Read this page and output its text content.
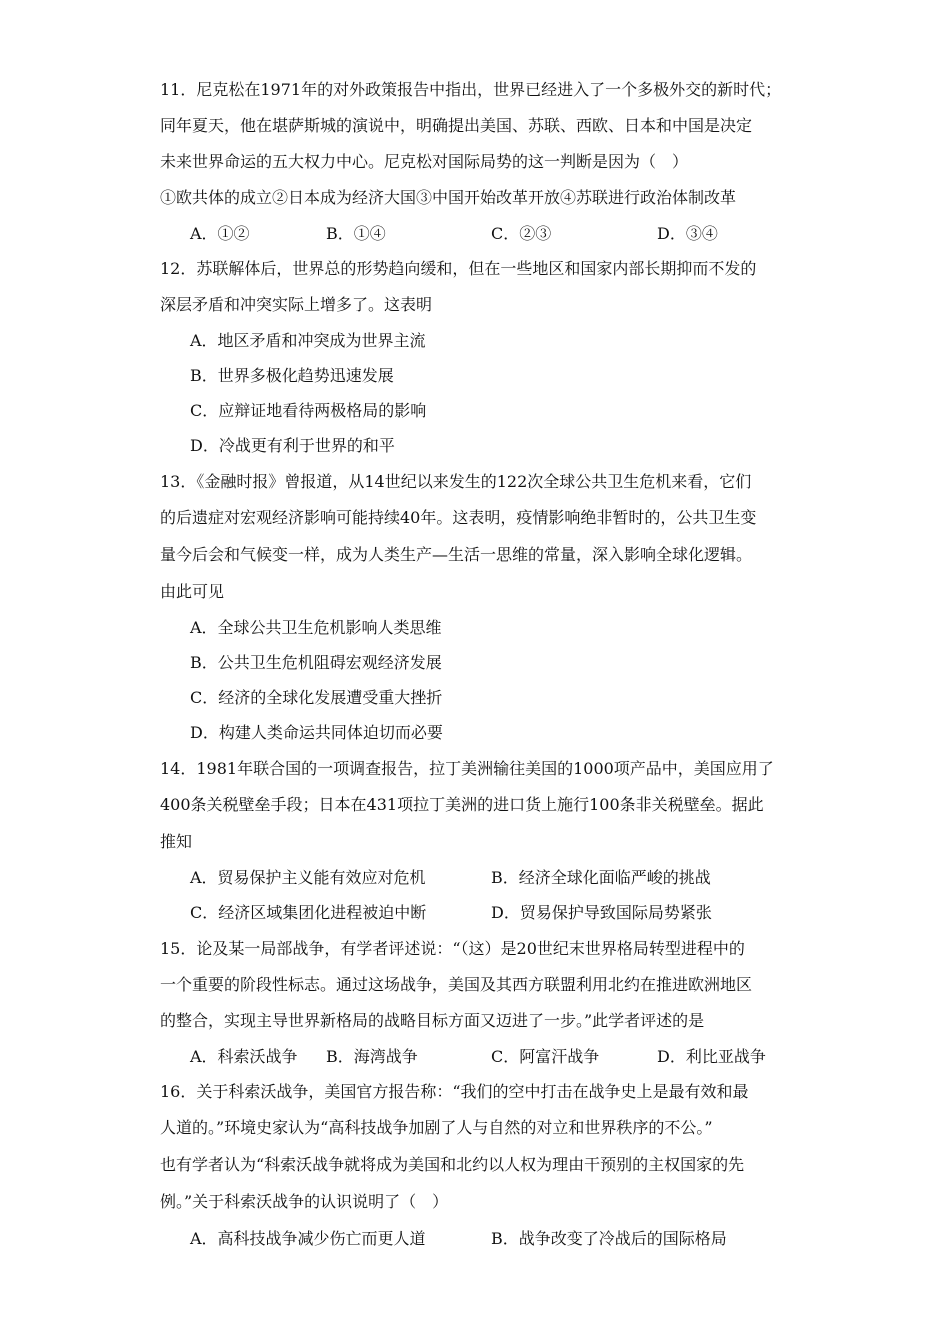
11．尼克松在1971年的对外政策报告中指出，世界已经进入了一个多极外交的新时代；
同年夏天，他在堪萨斯城的演说中，明确提出美国、苏联、西欧、日本和中国是决定
未来世界命运的五大权力中心。尼克松对国际局势的这一判断是因为（　）
①欧共体的成立②日本成为经济大国③中国开始改革开放④苏联进行政治体制改革
A．①②	B．①④	C．②③	D．③④
12．苏联解体后，世界总的形势趋向缓和，但在一些地区和国家内部长期抑而不发的
深层矛盾和冲突实际上增多了。这表明
A．地区矛盾和冲突成为世界主流
B．世界多极化趋势迅速发展
C．应辩证地看待两极格局的影响
D．冷战更有利于世界的和平
13．《金融时报》曾报道，从14世纪以来发生的122次全球公共卫生危机来看，它们
的后遗症对宏观经济影响可能持续40年。这表明，疫情影响绝非暂时的，公共卫生变
量今后会和气候变一样，成为人类生产—生活一思维的常量，深入影响全球化逻辑。
由此可见
A．全球公共卫生危机影响人类思维
B．公共卫生危机阻碍宏观经济发展
C．经济的全球化发展遭受重大挫折
D．构建人类命运共同体迫切而必要
14．1981年联合国的一项调查报告，拉丁美洲输往美国的1000项产品中，美国应用了
400条关税壁垒手段；日本在431项拉丁美洲的进口货上施行100条非关税壁垒。据此
推知
A．贸易保护主义能有效应对危机	B．经济全球化面临严峻的挑战
C．经济区域集团化进程被迫中断	D．贸易保护导致国际局势紧张
15．论及某一局部战争，有学者评述说：“（这）是20世纪末世界格局转型进程中的
一个重要的阶段性标志。通过这场战争，美国及其西方联盟利用北约在推进欧洲地区
的整合，实现主导世界新格局的战略目标方面又迈进了一步。”此学者评述的是
A．科索沃战争 B．海湾战争	C．阿富汗战争	D．利比亚战争
16．关于科索沃战争，美国官方报告称：“我们的空中打击在战争史上是最有效和最
人道的。”环境史家认为“高科技战争加剧了人与自然的对立和世界秩序的不公。”
也有学者认为“科索沃战争就将成为美国和北约以人权为理由干预别的主权国家的先
例。”关于科索沃战争的认识说明了（　）
A．高科技战争减少伤亡而更人道	B．战争改变了冷战后的国际格局
